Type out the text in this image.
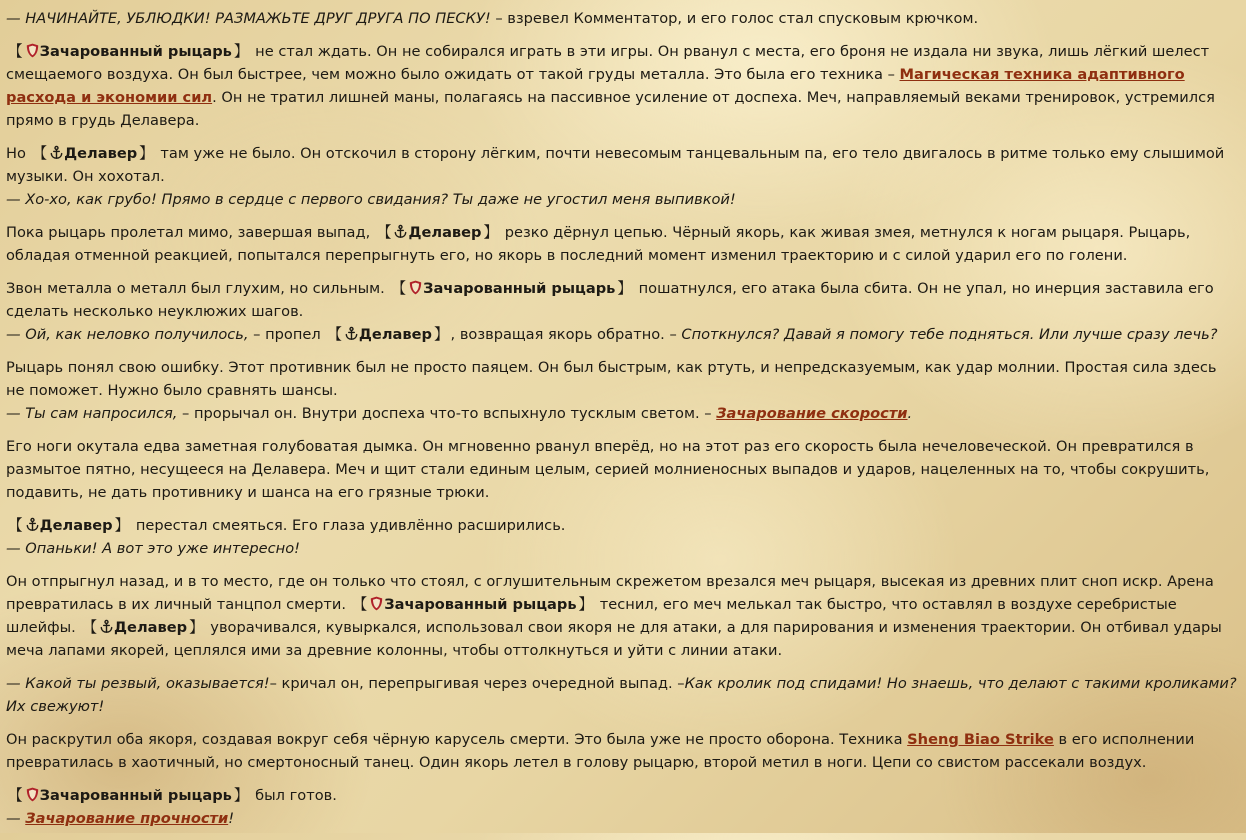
— НАЧИНАЙТЕ, УБЛЮДКИ! РАЗМАЖЬТЕ ДРУГ ДРУГА ПО ПЕСКУ! – взревел Комментатор, и его голос стал спусковым крючком.

【 Зачарованный рыцарь 】 не стал ждать. Он не собирался играть в эти игры. Он рванул с места, его броня не издала ни звука, лишь лёгкий шелест смещаемого воздуха. Он был быстрее, чем можно было ожидать от такой груды металла. Это была его техника – Магическая техника адаптивного расхода и экономии сил. Он не тратил лишней маны, полагаясь на пассивное усиление от доспеха. Меч, направляемый веками тренировок, устремился прямо в грудь Делавера.

Но 【 Делавер 】 там уже не было. Он отскочил в сторону лёгким, почти невесомым танцевальным па, его тело двигалось в ритме только ему слышимой музыки. Он хохотал.
— Хо-хо, как грубо! Прямо в сердце с первого свидания? Ты даже не угостил меня выпивкой!

Пока рыцарь пролетал мимо, завершая выпад, 【 Делавер 】 резко дёрнул цепью. Чёрный якорь, как живая змея, метнулся к ногам рыцаря. Рыцарь, обладая отменной реакцией, попытался перепрыгнуть его, но якорь в последний момент изменил траекторию и с силой ударил его по голени.

Звон металла о металл был глухим, но сильным. 【 Зачарованный рыцарь 】 пошатнулся, его атака была сбита. Он не упал, но инерция заставила его сделать несколько неуклюжих шагов.
— Ой, как неловко получилось, – пропел 【 Делавер 】 , возвращая якорь обратно. – Споткнулся? Давай я помогу тебе подняться. Или лучше сразу лечь?

Рыцарь понял свою ошибку. Этот противник был не просто паяцем. Он был быстрым, как ртуть, и непредсказуемым, как удар молнии. Простая сила здесь не поможет. Нужно было сравнять шансы.
— Ты сам напросился, – прорычал он. Внутри доспеха что-то вспыхнуло тусклым светом. – Зачарование скорости.

Его ноги окутала едва заметная голубоватая дымка. Он мгновенно рванул вперёд, но на этот раз его скорость была нечеловеческой. Он превратился в размытое пятно, несущееся на Делавера. Меч и щит стали единым целым, серией молниеносных выпадов и ударов, нацеленных на то, чтобы сокрушить, подавить, не дать противнику и шанса на его грязные трюки.

【 Делавер 】 перестал смеяться. Его глаза удивлённо расширились.
— Опаньки! А вот это уже интересно!

Он отпрыгнул назад, и в то место, где он только что стоял, с оглушительным скрежетом врезался меч рыцаря, высекая из древних плит сноп искр. Арена превратилась в их личный танцпол смерти. 【 Зачарованный рыцарь 】 теснил, его меч мелькал так быстро, что оставлял в воздухе серебристые шлейфы. 【 Делавер 】 уворачивался, кувыркался, использовал свои якоря не для атаки, а для парирования и изменения траектории. Он отбивал удары меча лапами якорей, цеплялся ими за древние колонны, чтобы оттолкнуться и уйти с линии атаки.

— Какой ты резвый, оказывается!– кричал он, перепрыгивая через очередной выпад. –Как кролик под спидами! Но знаешь, что делают с такими кроликами? Их свежуют!

Он раскрутил оба якоря, создавая вокруг себя чёрную карусель смерти. Это была уже не просто оборона. Техника Sheng Biao Strike в его исполнении превратилась в хаотичный, но смертоносный танец. Один якорь летел в голову рыцарю, второй метил в ноги. Цепи со свистом рассекали воздух.

【 Зачарованный рыцарь 】 был готов.
— Зачарование прочности!
